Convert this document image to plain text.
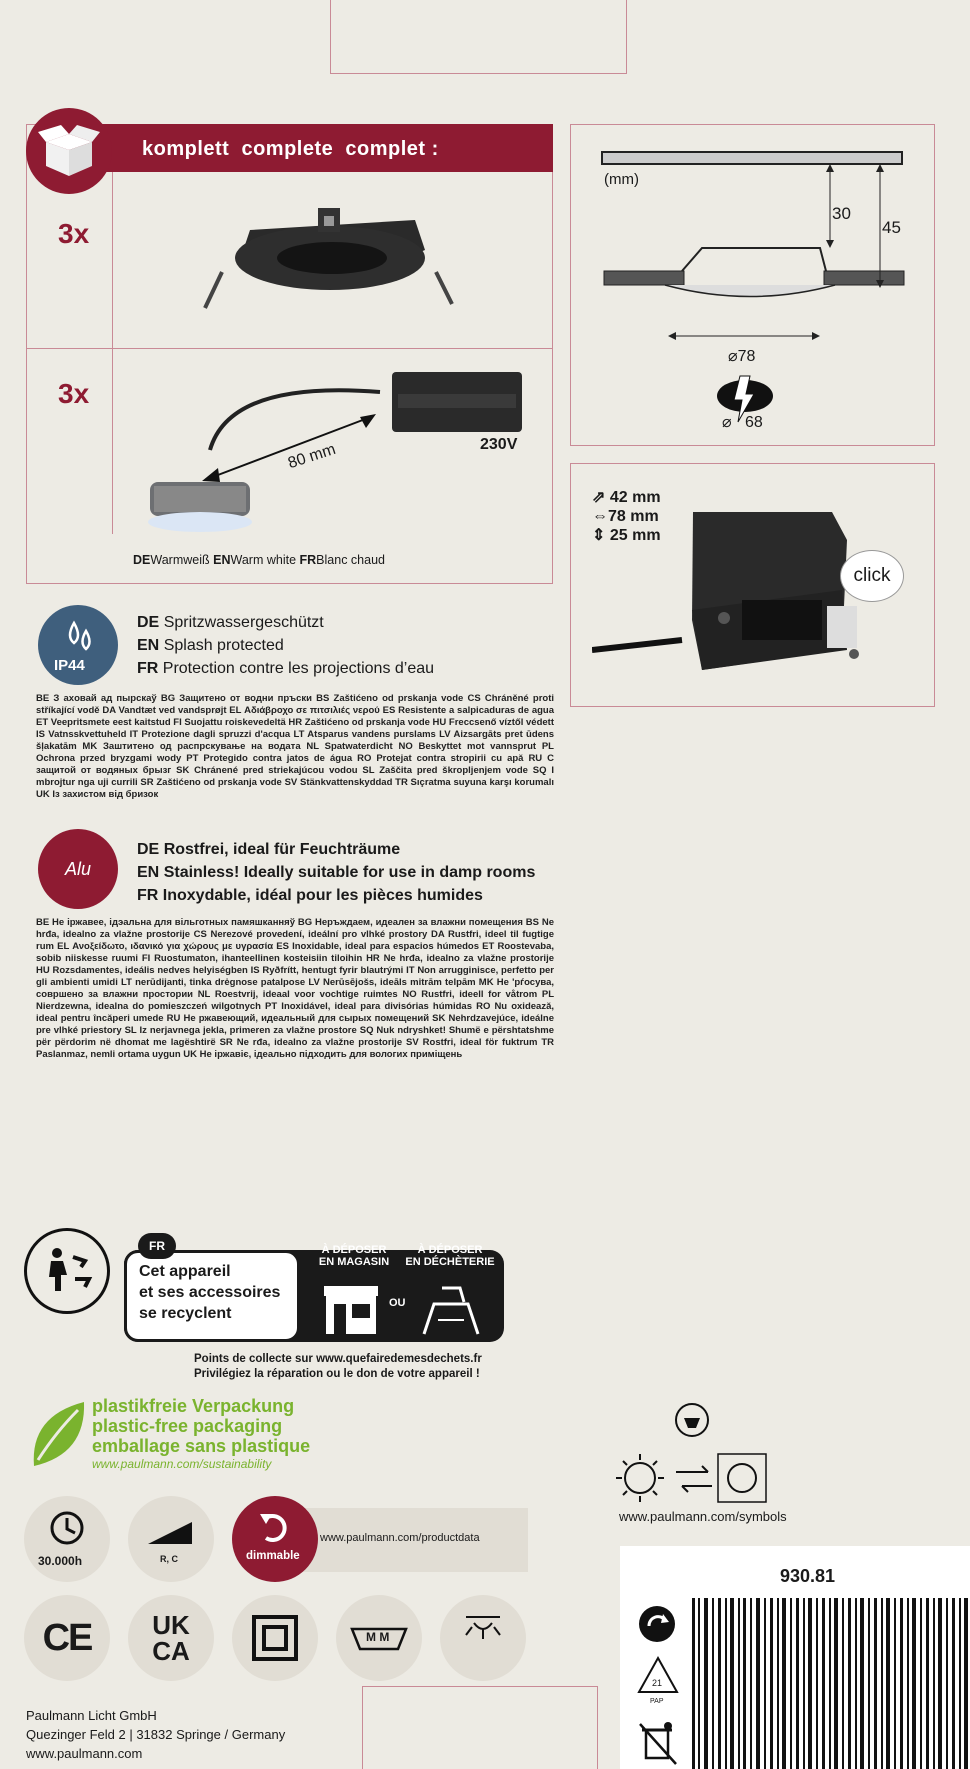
komplett  complete  complet :
3x
3x
80 mm	230V
DEWarmweiß ENWarm white FRBlanc chaud
(mm)
30
45
⌀78
⌀ 68
⇗ 42 mm
⇔78 mm
⇕ 25 mm
click
IP44
DE Spritzwassergeschützt
EN Splash protected
FR Protection contre les projections d’eau
BE З ахoвай ад пырскаў BG Защитено от водни пръски BS Zaštićeno od prskanja vode CS Chráněné proti stříkající vodě DA Vandtæt ved vandsprøjt EL Αδιάβροχο σε πιτσιλιές νερού ES Resistente a salpicaduras de agua ET Veepritsmete eest kaitstud FI Suojattu roiskevedeltä HR Zaštićeno od prskanja vode HU Freccsenő víztől védett IS Vatnsskvettuheld IT Protezione dagli spruzzi d'acqua LT Atsparus vandens purslams LV Aizsargāts pret ūdens šļakatām MK Заштитено од распрскување на водата NL Spatwaterdicht NO Beskyttet mot vannsprut PL Ochrona przed bryzgami wody PT Protegido contra jatos de água RO Protejat contra stropirii cu apă RU С защитой от водяных брызг SK Chránené pred striekajúcou vodou SL Zaščita pred škropljenjem vode SQ I mbrojtur nga uji currili SR Zaštićeno od prskanja vode SV Stänkvattenskyddad TR Sıçratma suyuna karşı korumalı UK Із захистом від бризок
Alu
DE Rostfrei, ideal für Feuchträume
EN Stainless! Ideally suitable for use in damp rooms
FR Inoxydable, idéal pour les pièces humides
BE Не іржавее, ідэальна для вільготных памяшканняў BG Неръждаем, идеален за влажни помещения BS Ne hrđa, idealno za vlažne prostorije CS Nerezové provedení, ideální pro vlhké prostory DA Rustfri, ideel til fugtige rum EL Ανοξείδωτο, ιδανικό για χώρους με υγρασία ES Inoxidable, ideal para espacios húmedos ET Roostevaba, sobib niiskesse ruumi FI Ruostumaton, ihanteellinen kosteisiin tiloihin HR Ne hrđa, idealno za vlažne prostorije HU Rozsdamentes, ideális nedves helyiségben IS Ryðfrítt, hentugt fyrir blautrými IT Non arrugginisce, perfetto per gli ambienti umidi LT nerūdijanti, tinka drėgnose patalpose LV Nerūsējošs, ideāls mitrām telpām MK Не 'рѓосува, совршено за влажни простории NL Roestvrij, ideaal voor vochtige ruimtes NO Rustfri, ideell for våtrom PL Nierdzewna, idealna do pomieszczeń wilgotnych PT Inoxidável, ideal para divisórias húmidas RO Nu oxidează, ideal pentru încăperi umede RU Не ржавеющий, идеальный для сырых помещений SK Nehrdzavejúce, ideálne pre vlhké priestory SL Iz nerjavnega jekla, primeren za vlažne prostore SQ Nuk ndryshket! Shumë e përshtatshme për përdorim në dhomat me lagështirë SR Ne rđa, idealno za vlažne prostorije SV Rostfri, ideal för fuktrum TR Paslanmaz, nemli ortama uygun UK Не іржавіє, ідеально підходить для вологих приміщень
Cet appareil
et ses accessoires
se recyclent
FR	À DÉPOSER
EN MAGASIN
À DÉPOSER
EN DÉCHÈTERIE
OU
Points de collecte sur www.quefairedemesdechets.fr
Privilégiez la réparation ou le don de votre appareil !
plastikfreie Verpackung
plastic-free packaging
emballage sans plastique
www.paulmann.com/sustainability
30.000h	R, C	dimmable
www.paulmann.com/productdata
CE UK
CA	M M
Paulmann Licht GmbH
Quezinger Feld 2 | 31832 Springe / Germany
www.paulmann.com
www.paulmann.com/symbols
930.81
21
PAP
